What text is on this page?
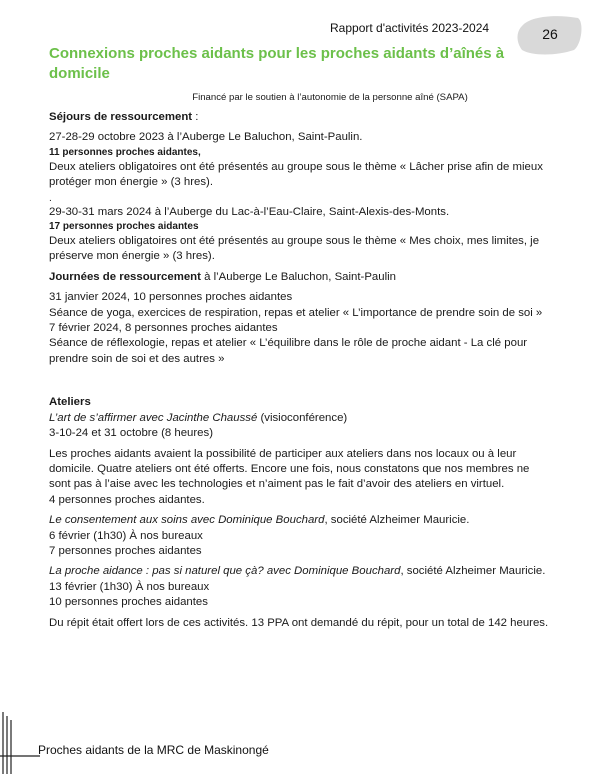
Rapport d'activités 2023-2024	26
Connexions proches aidants pour les proches aidants d’aînés à domicile
Financé par le soutien à l’autonomie de la personne aîné (SAPA)

Séjours de ressourcement :

27-28-29 octobre 2023 à l’Auberge Le Baluchon, Saint-Paulin.

11 personnes proches aidantes,

Deux ateliers obligatoires ont été présentés au groupe sous le thème « Lâcher prise afin de mieux protéger mon énergie » (3 hres).

.

29-30-31 mars 2024 à l’Auberge du Lac-à-l’Eau-Claire, Saint-Alexis-des-Monts.

17 personnes proches aidantes

Deux ateliers obligatoires ont été présentés au groupe sous le thème « Mes choix, mes limites, je préserve mon énergie » (3 hres).

Journées de ressourcement à l’Auberge Le Baluchon, Saint-Paulin

31 janvier 2024, 10 personnes proches aidantes

Séance de yoga, exercices de respiration, repas et atelier « L’importance de prendre soin de soi »

7 février 2024, 8 personnes proches aidantes

Séance de réflexologie, repas et atelier « L’équilibre dans le rôle de proche aidant - La clé pour prendre soin de soi et des autres »

Ateliers

L’art de s’affirmer avec Jacinthe Chaussé (visioconférence)

3-10-24 et 31 octobre (8 heures)

Les proches aidants avaient la possibilité de participer aux ateliers dans nos locaux ou à leur domicile. Quatre ateliers ont été offerts. Encore une fois, nous constatons que nos membres ne sont pas à l’aise avec les technologies et n’aiment pas le fait d’avoir des ateliers en virtuel.

4 personnes proches aidantes.

Le consentement aux soins avec Dominique Bouchard, société Alzheimer Mauricie.

6 février (1h30) À nos bureaux

7 personnes proches aidantes

La proche aidance : pas si naturel que çà? avec Dominique Bouchard, société Alzheimer Mauricie.

13 février (1h30) À nos bureaux

10 personnes proches aidantes

Du répit était offert lors de ces activités. 13 PPA ont demandé du répit, pour un total de 142 heures.

Proches aidants de la MRC de Maskinongé
